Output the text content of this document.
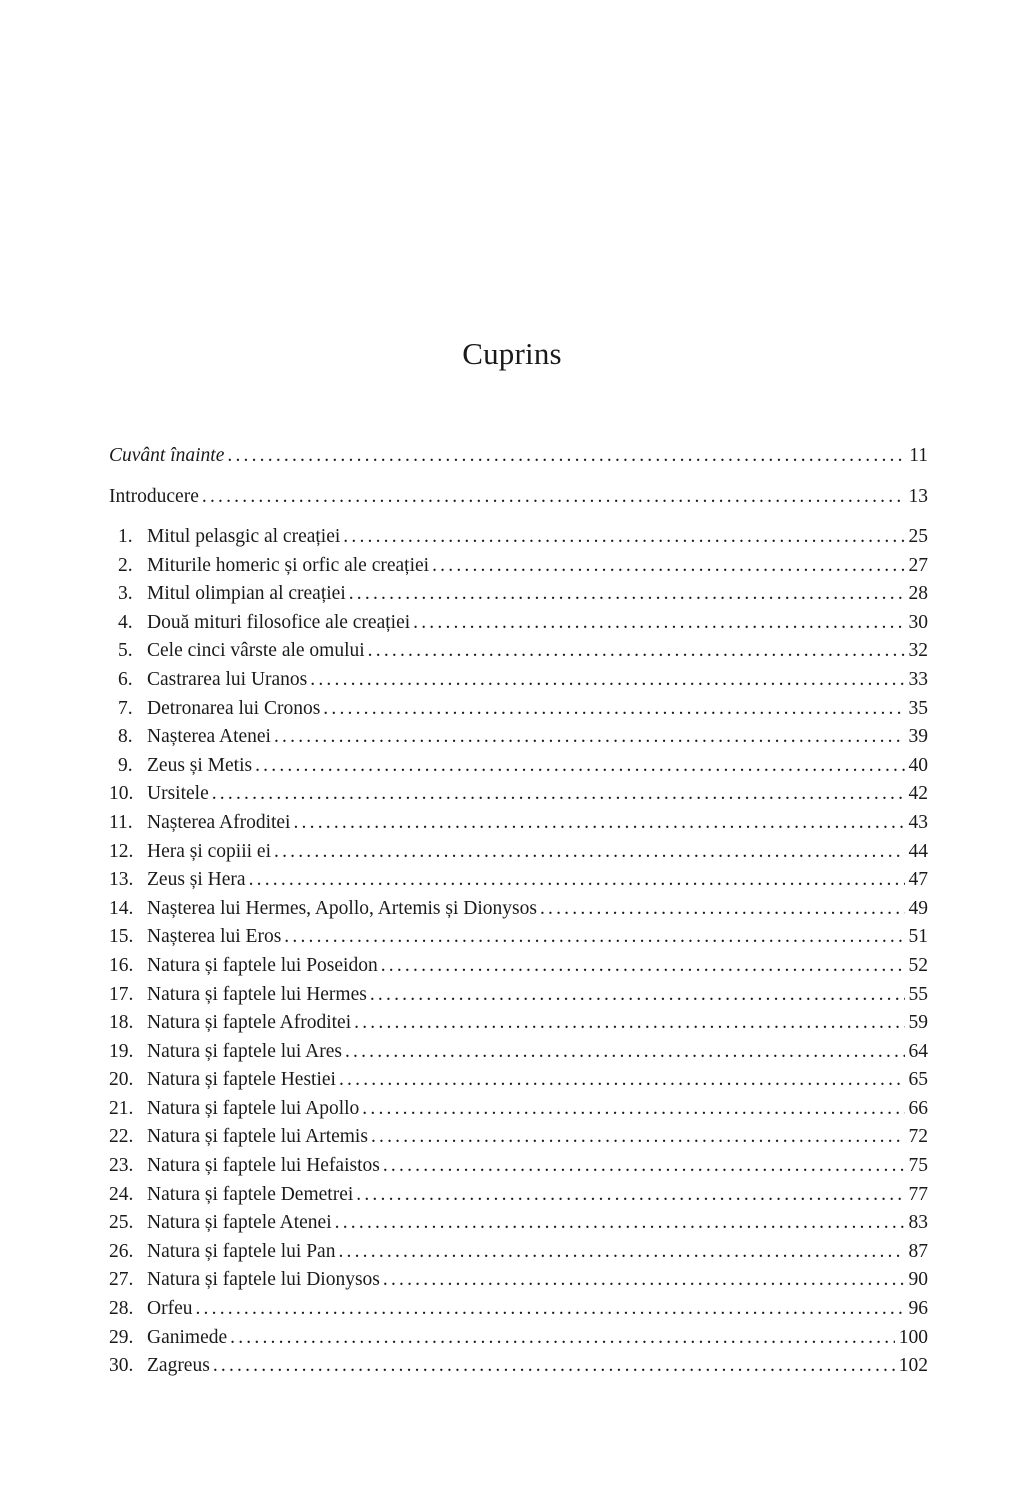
Cuprins
Cuvânt înainte .....	11
Introducere .....	13
1. Mitul pelasgic al creației .....	25
2. Miturile homeric și orfic ale creației .....	27
3. Mitul olimpian al creației .....	28
4. Două mituri filosofice ale creației .....	30
5. Cele cinci vârste ale omului .....	32
6. Castrarea lui Uranos .....	33
7. Detronarea lui Cronos .....	35
8. Nașterea Atenei .....	39
9. Zeus și Metis .....	40
10. Ursitele .....	42
11. Nașterea Afroditei .....	43
12. Hera și copiii ei .....	44
13. Zeus și Hera .....	47
14. Nașterea lui Hermes, Apollo, Artemis și Dionysos .....	49
15. Nașterea lui Eros .....	51
16. Natura și faptele lui Poseidon .....	52
17. Natura și faptele lui Hermes .....	55
18. Natura și faptele Afroditei .....	59
19. Natura și faptele lui Ares .....	64
20. Natura și faptele Hestiei .....	65
21. Natura și faptele lui Apollo .....	66
22. Natura și faptele lui Artemis .....	72
23. Natura și faptele lui Hefaistos .....	75
24. Natura și faptele Demetrei .....	77
25. Natura și faptele Atenei .....	83
26. Natura și faptele lui Pan .....	87
27. Natura și faptele lui Dionysos .....	90
28. Orfeu .....	96
29. Ganimede .....	100
30. Zagreus .....	102
